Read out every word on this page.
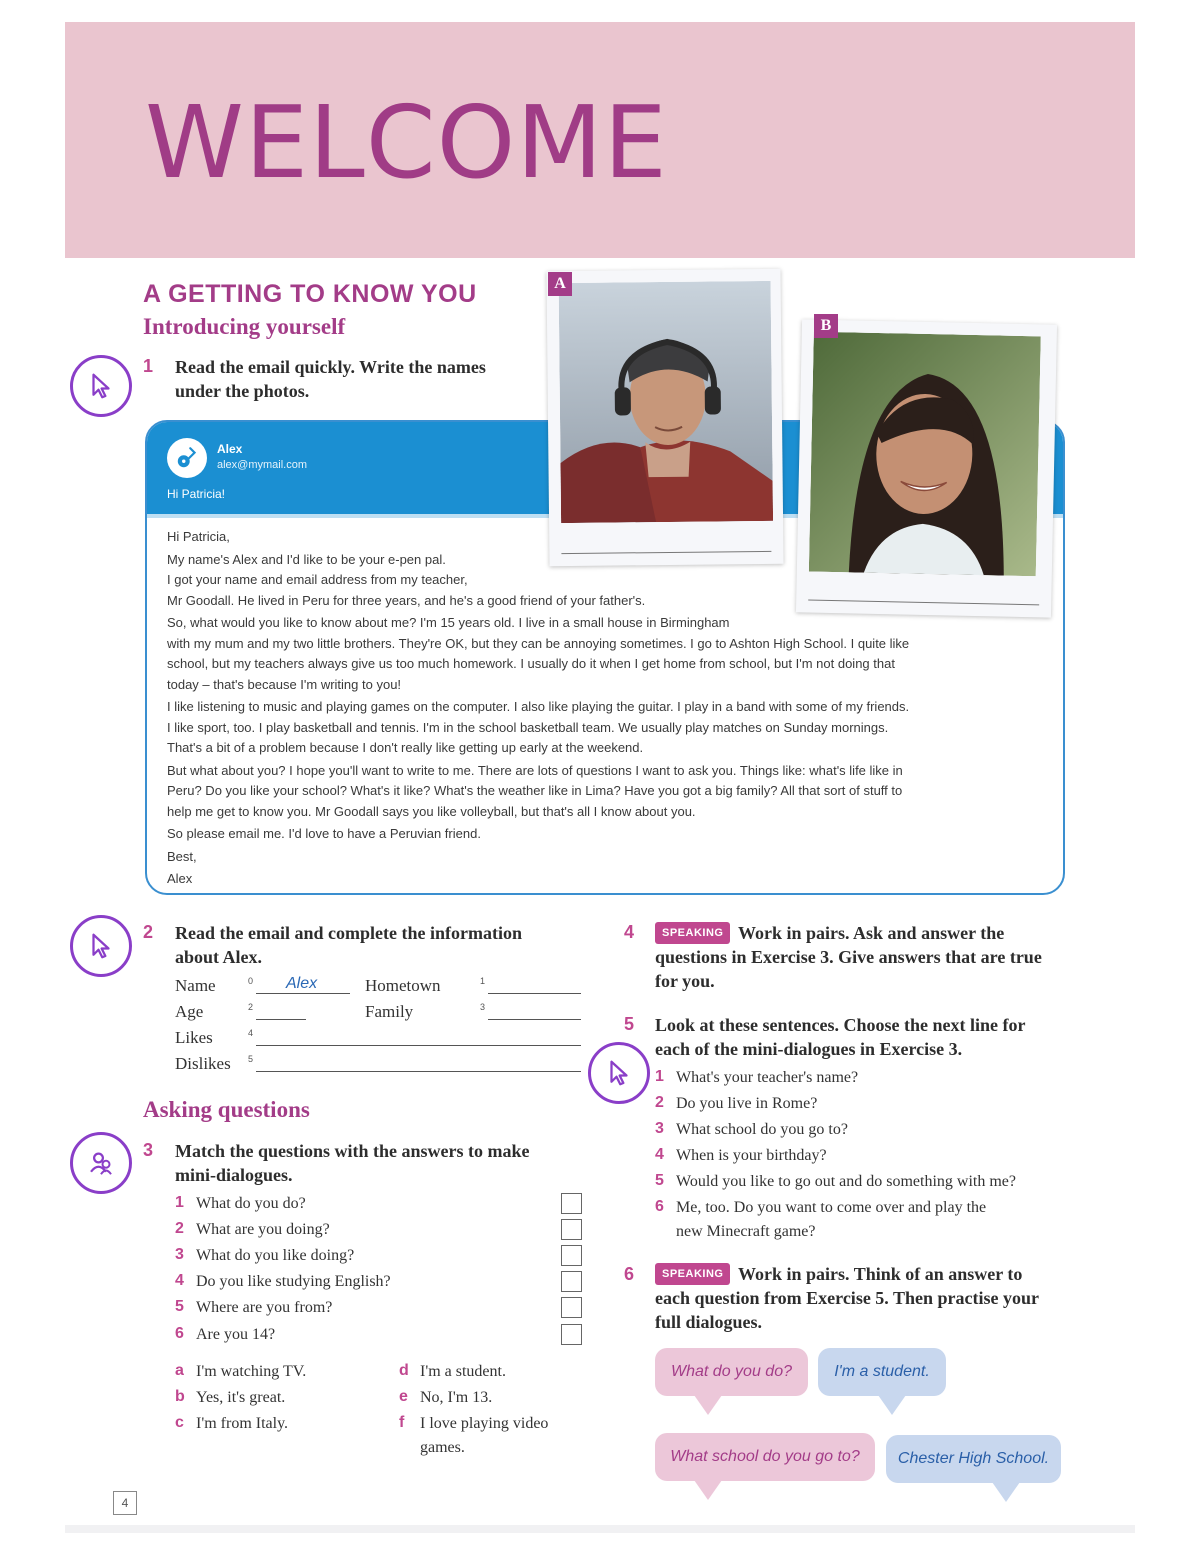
WELCOME
A GETTING TO KNOW YOU
Introducing yourself
1 Read the email quickly. Write the names under the photos.
Alex
alex@mymail.com
Hi Patricia!

Hi Patricia,

My name's Alex and I'd like to be your e-pen pal.

I got your name and email address from my teacher,

Mr Goodall. He lived in Peru for three years, and he's a good friend of your father's.

So, what would you like to know about me? I'm 15 years old. I live in a small house in Birmingham

with my mum and my two little brothers. They're OK, but they can be annoying sometimes. I go to Ashton High School. I quite like

school, but my teachers always give us too much homework. I usually do it when I get home from school, but I'm not doing that

today – that's because I'm writing to you!

I like listening to music and playing games on the computer. I also like playing the guitar. I play in a band with some of my friends.

I like sport, too. I play basketball and tennis. I'm in the school basketball team. We usually play matches on Sunday mornings.

That's a bit of a problem because I don't really like getting up early at the weekend.

But what about you? I hope you'll want to write to me. There are lots of questions I want to ask you. Things like: what's life like in

Peru? Do you like your school? What's it like? What's the weather like in Lima? Have you got a big family? All that sort of stuff to

help me get to know you. Mr Goodall says you like volleyball, but that's all I know about you.

So please email me. I'd love to have a Peruvian friend.

Best,

Alex

A
B
2 Read the email and complete the information
about Alex.
Name	0 Alex	Hometown	1
Age	2	Family	3
Likes	4
Dislikes 5
Asking questions
3 Match the questions with the answers to make
mini-dialogues.
1 What do you do?
2 What are you doing?
3 What do you like doing?
4 Do you like studying English?
5 Where are you from?
6 Are you 14?
a I'm watching TV.
b Yes, it's great.
c I'm from Italy.
d I'm a student.
e No, I'm 13.
f I love playing video
games.
4	SPEAKING Work in pairs. Ask and answer the
questions in Exercise 3. Give answers that are true
for you.
5 Look at these sentences. Choose the next line for
each of the mini-dialogues in Exercise 3.
1 What's your teacher's name?
2 Do you live in Rome?
3 What school do you go to?
4 When is your birthday?
5 Would you like to go out and do something with me?
6 Me, too. Do you want to come over and play the
new Minecraft game?
6	SPEAKING Work in pairs. Think of an answer to
each question from Exercise 5. Then practise your
full dialogues.
What do you do?	I'm a student.
What school do you go to?	Chester High School.
4
